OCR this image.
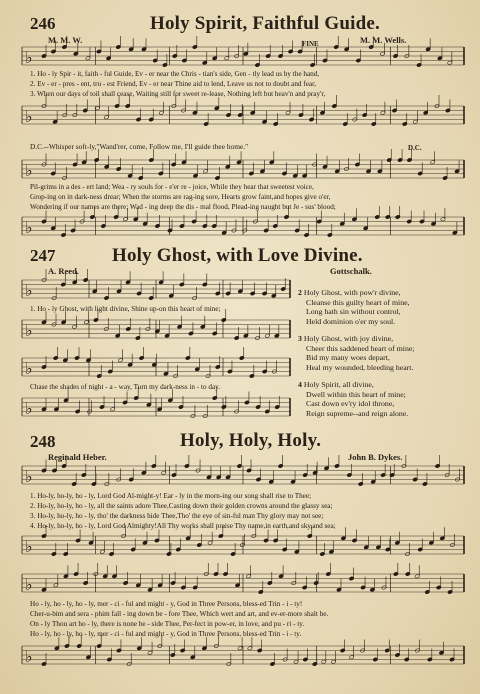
246	Holy Spirit, Faithful Guide.
M. M. W.	FINE	M. M. Wells.
♭
1. Ho - ly Spir - it, faith - ful Guide, Ev - er near the Chris - tian's side, Gen - tly lead us by the hand,
2. Ev - er - pres - ent, tru - est Friend, Ev - er near Thine aid to lend, Leave us not to doubt and fear,
3. When our days of toil shall cease, Waiting still for sweet re-lease, Nothing left but heav'n and pray'r,
♭
D.C.--Whisper soft-ly,"Wand'rer, come, Follow me, I'll guide thee home."	D.C.
♭
Pil-grims in a des - ert land; Wea - ry souls for - e'er re - joice, While they hear that sweetest voice,
Grop-ing on in dark-ness drear; When the storms are rag-ing sore, Hearts grow faint,and hopes give o'er,
Wondering if our names are there; Wad - ing deep the dis - mal flood, Plead-ing naught but Je - sus' blood;
♭
247	Holy Ghost, with Love Divine.
A. Reed.	Gottschalk.
♭
1. Ho - ly Ghost, with light divine, Shine up-on this heart of mine;
♭
♭
Chase the shades of night - a - way, Turn my dark-ness in - to day.
♭
2 Holy Ghost, with pow'r divine,
Cleanse this guilty heart of mine,
Long hath sin without control,
Held dominion o'er my soul.
3 Holy Ghost, with joy divine,
Cheer this saddened heart of mine;
Bid my many woes depart,
Heal my wounded, bleeding heart.
4 Holy Spirit, all divine,
Dwell within this heart of mine;
Cast down ev'ry idol throne,
Reign supreme--and reign alone.
248	Holy, Holy, Holy.
Reginald Heber.	John B. Dykes.
♭
1. Ho-ly, ho-ly, ho - ly, Lord God Al-might-y! Ear - ly in the morn-ing our song shall rise to Thee;
2. Ho-ly, ho-ly, ho - ly, all the saints adore Thee,Casting down their golden crowns around the glassy sea;
3. Ho-ly, ho-ly, ho - ly, tho' the darkness hide Thee,Tho' the eye of sin-ful man Thy glory may not see;
4. Ho-ly, ho-ly, ho - ly, Lord God Almighty!All Thy works shall praise Thy name,in earth,and sky,and sea;
♭
♭
Ho - ly, ho - ly, ho - ly, mer - ci - ful and might - y, God in Three Persons, bless-ed Trin - i - ty!
Cher-u-bim and sera - phim fall - ing down be - fore Thee, Which wert and art, and ev-er-more shalt be.
On - ly Thou art ho - ly, there is none be - side Thee, Per-fect in pow-er, in love, and pu - ri - ty.
Ho - ly, ho - ly, ho - ly, mer - ci - ful and might - y, God in Three Persons, bless-ed Trin - i - ty.
♭
